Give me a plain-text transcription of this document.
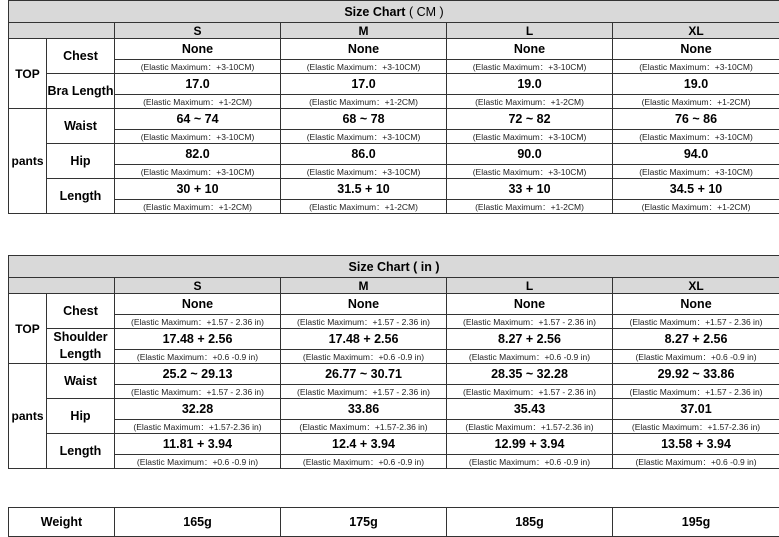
Size Chart ( CM )					
		S	M	L	XL
TOP	Chest	None	None	None	None
		(Elastic Maximum：+3-10CM)	(Elastic Maximum：+3-10CM)	(Elastic Maximum：+3-10CM)	(Elastic Maximum：+3-10CM)
	Bra Length	17.0	17.0	19.0	19.0
		(Elastic Maximum：+1-2CM)	(Elastic Maximum：+1-2CM)	(Elastic Maximum：+1-2CM)	(Elastic Maximum：+1-2CM)
pants	Waist	64 ~ 74	68 ~ 78	72 ~ 82	76 ~ 86
		(Elastic Maximum：+3-10CM)	(Elastic Maximum：+3-10CM)	(Elastic Maximum：+3-10CM)	(Elastic Maximum：+3-10CM)
	Hip	82.0	86.0	90.0	94.0
		(Elastic Maximum：+3-10CM)	(Elastic Maximum：+3-10CM)	(Elastic Maximum：+3-10CM)	(Elastic Maximum：+3-10CM)
	Length	30 + 10	31.5 + 10	33 + 10	34.5 + 10
		(Elastic Maximum：+1-2CM)	(Elastic Maximum：+1-2CM)	(Elastic Maximum：+1-2CM)	(Elastic Maximum：+1-2CM)
Size Chart ( in )					
		S	M	L	XL
TOP	Chest	None	None	None	None
		(Elastic Maximum：+1.57 - 2.36 in)	(Elastic Maximum：+1.57 - 2.36 in)	(Elastic Maximum：+1.57 - 2.36 in)	(Elastic Maximum：+1.57 - 2.36 in)
	Shoulder Length	17.48 + 2.56	17.48 + 2.56	8.27 + 2.56	8.27 + 2.56
		(Elastic Maximum：+0.6 -0.9 in)	(Elastic Maximum：+0.6 -0.9 in)	(Elastic Maximum：+0.6 -0.9 in)	(Elastic Maximum：+0.6 -0.9 in)
pants	Waist	25.2 ~ 29.13	26.77 ~ 30.71	28.35 ~ 32.28	29.92 ~ 33.86
		(Elastic Maximum：+1.57 - 2.36 in)	(Elastic Maximum：+1.57 - 2.36 in)	(Elastic Maximum：+1.57 - 2.36 in)	(Elastic Maximum：+1.57 - 2.36 in)
	Hip	32.28	33.86	35.43	37.01
		(Elastic Maximum：+1.57-2.36 in)	(Elastic Maximum：+1.57-2.36 in)	(Elastic Maximum：+1.57-2.36 in)	(Elastic Maximum：+1.57-2.36 in)
	Length	11.81 + 3.94	12.4 + 3.94	12.99 + 3.94	13.58 + 3.94
		(Elastic Maximum：+0.6 -0.9 in)	(Elastic Maximum：+0.6 -0.9 in)	(Elastic Maximum：+0.6 -0.9 in)	(Elastic Maximum：+0.6 -0.9 in)
Weight	165g	175g	185g	195g
